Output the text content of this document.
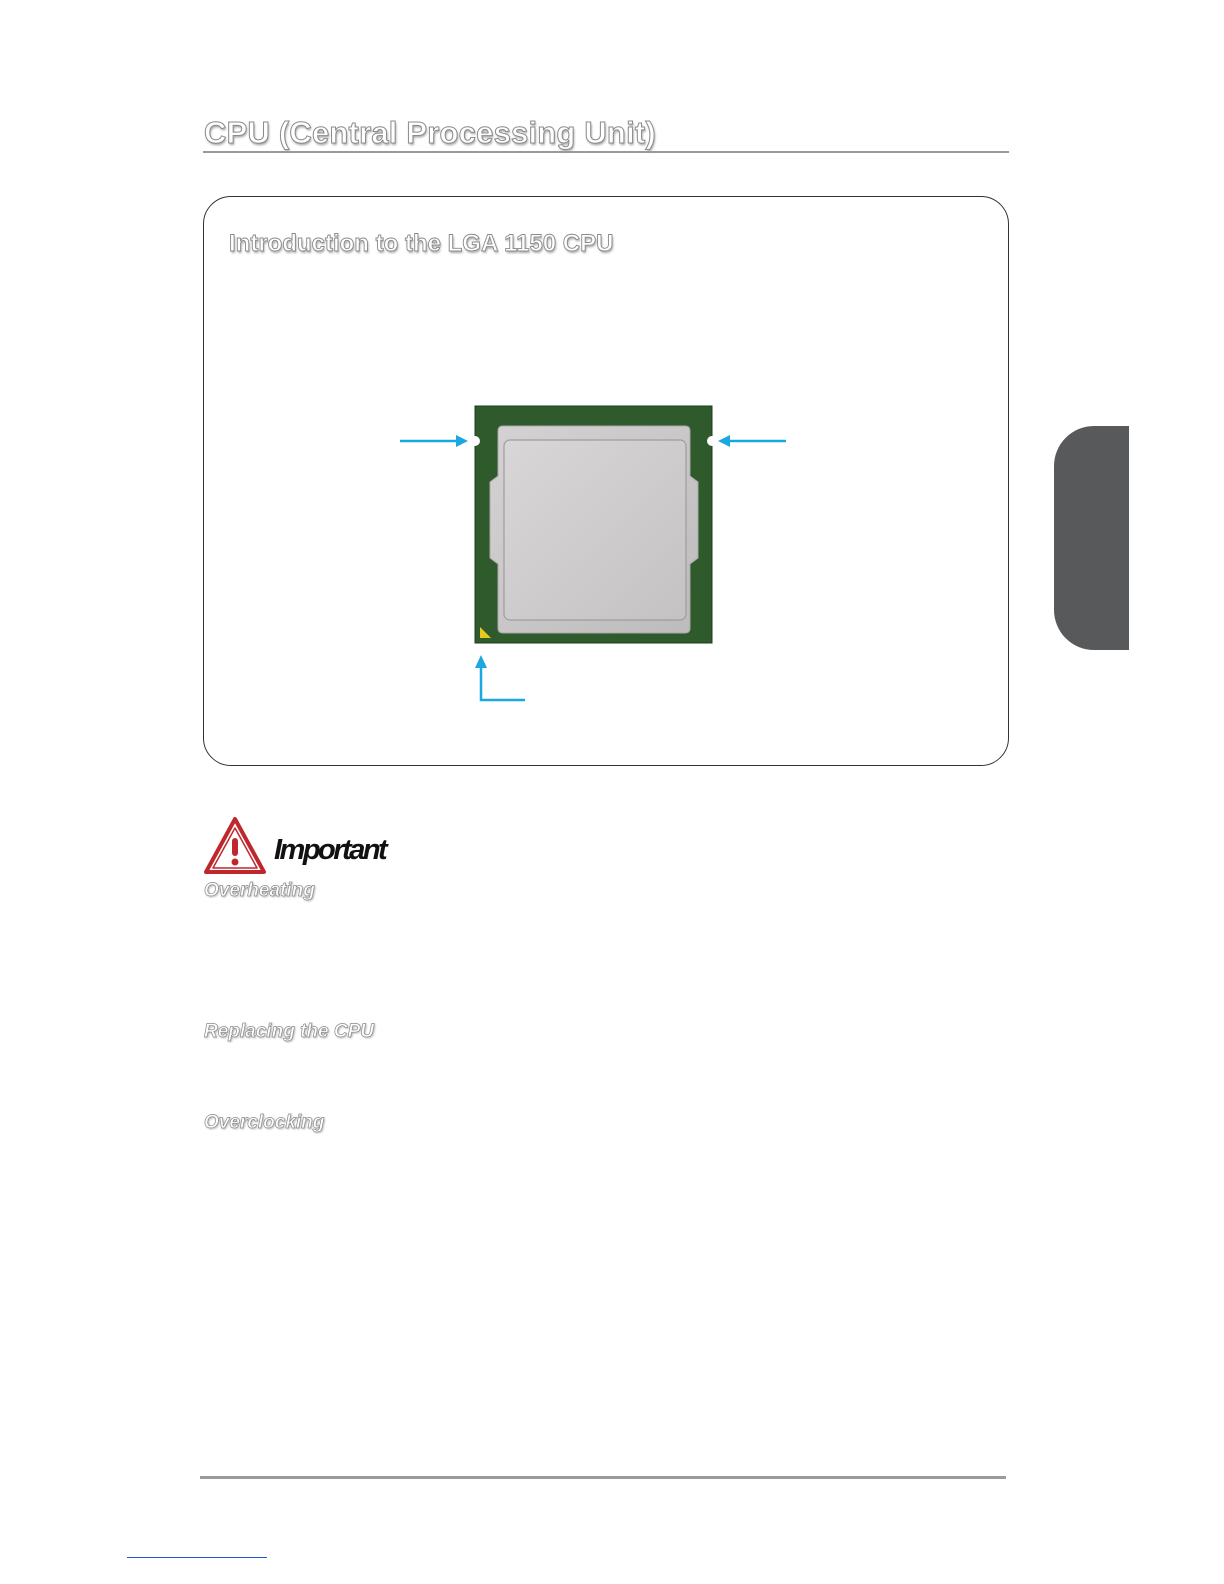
CPU (Central Processing Unit)
Introduction to the LGA 1150 CPU
Important
Overheating
Replacing the CPU
Overclocking
